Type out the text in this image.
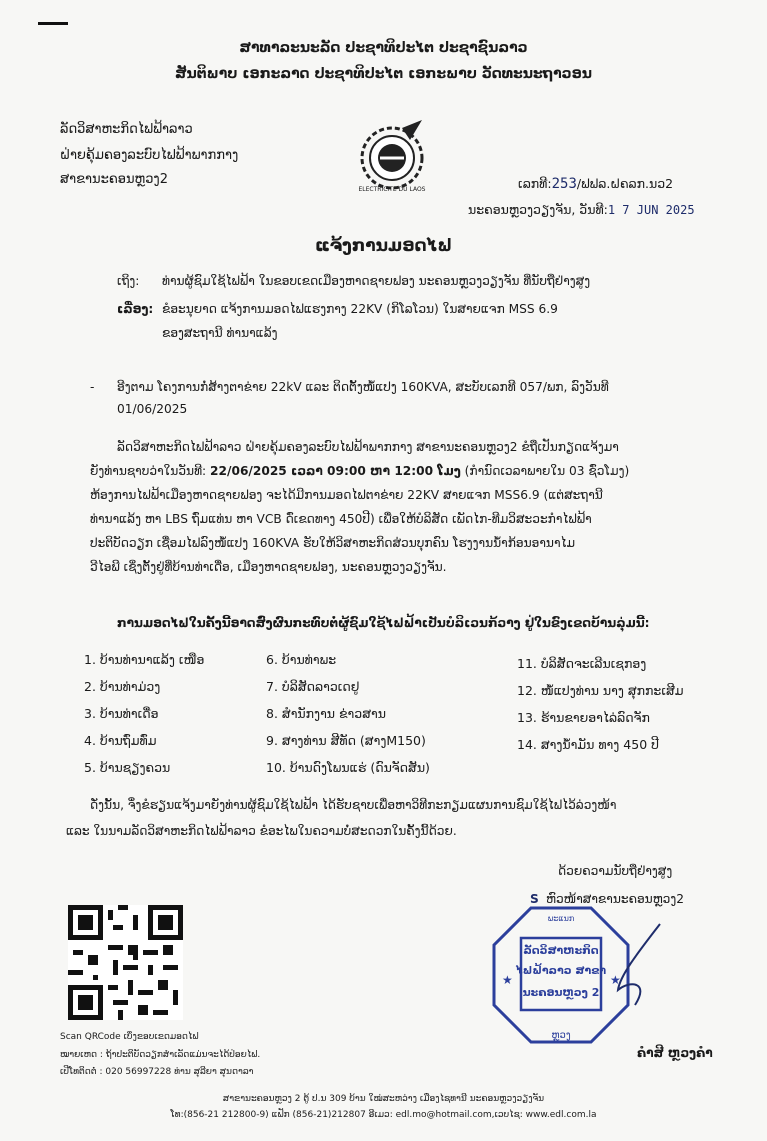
ສາທາລະນະລັດ ປະຊາທິປະໄຕ ປະຊາຊົນລາວ
ສັນຕິພາບ ເອກະລາດ ປະຊາທິປະໄຕ ເອກະພາບ ວັດທະນະຖາວອນ
ລັດວິສາຫະກິດໄຟຟ້າລາວ
ຝ່າຍຄຸ້ມຄອງລະບົບໄຟຟ້າພາກກາງ
ສາຂານະຄອນຫຼວງ2
ELECTRICITE DU LAOS	ເລກທີ:253/ຟຟລ.ຝຄລກ.ນວ2
ນະຄອນຫຼວງວຽງຈັນ, ວັນທີ:1 7 JUN 2025
ແຈ້ງການມອດໄຟ
ເຖິງ: ທ່ານຜູ້ຊົມໃຊ້ໄຟຟ້າ ໃນຂອບເຂດເມືອງຫາດຊາຍຟອງ ນະຄອນຫຼວງວຽງຈັນ ທີ່ນັບຖືຢ່າງສູງ
ເລື່ອງ: ຂໍອະນຸຍາດ ແຈ້ງການມອດໄຟແຮງກາງ 22KV (ກິໂລໂວນ) ໃນສາຍແຈກ MSS 6.9
ຂອງສະຖານີ ທ່ານາແລ້ງ
- ອີງຕາມ ໂຄງການກໍ່ສ້າງຕາຂ່າຍ 22kV ແລະ ຕິດຕັ້ງໜໍ້ແປງ 160KVA, ສະບັບເລກທີ 057/ພກ, ລົງວັນທີ
01/06/2025
ລັດວິສາຫະກິດໄຟຟ້າລາວ ຝ່າຍຄຸ້ມຄອງລະບົບໄຟຟ້າພາກກາງ ສາຂານະຄອນຫຼວງ2 ຂໍຖືເປັນກຽດແຈ້ງມາ
ຍັງທ່ານຊາບວ່າໃນວັນທີ: 22/06/2025 ເວລາ 09:00 ຫາ 12:00 ໂມງ (ກໍານົດເວລາພາຍໃນ 03 ຊົ່ວໂມງ)
ຫ້ອງການໄຟຟ້າເມືອງຫາດຊາຍຟອງ ຈະໄດ້ມີການມອດໄຟຕາຂ່າຍ 22KV ສາຍແຈກ MSS6.9 (ແຕ່ສະຖານີ
ທ່ານາແລ້ງ ຫາ LBS ຖົ່ມແທ່ນ ຫາ VCB ດົ່ເຂດທາງ 450ປີ) ເພື່ອໃຫ້ບໍລິສັດ ເພັດໄກ-ທີມວິສະວະກໍາໄຟຟ້າ
ປະຕິບັດວຽກ ເຊື່ອມໄຟລົງໜໍ້ແປງ 160KVA ຮັບໃຫ້ວິສາຫະກິດສ່ວນບຸກຄົນ ໂຮງງານນໍ້າກ້ອນອານາໄມ
ວີໄອພີ ເຊິ່ງຕັ້ງຢູ່ທີ່ບ້ານທ່າເດື່ອ, ເມືອງຫາດຊາຍຟອງ, ນະຄອນຫຼວງວຽງຈັນ.
ການມອດໄຟໃນຄັ້ງນີ້ອາດສົ່ງຜົນກະທົບຕໍ່ຜູ້ຊົມໃຊ້ໄຟຟ້າເປັນບໍລິເວນກ້ວາງ ຢູ່ໃນຂົງເຂດບ້ານລຸ່ມນີ້:
1. ບ້ານທ່ານາແລ້ງ ເໜືອ
2. ບ້ານທ່າມ່ວງ
3. ບ້ານທ່າເດື່ອ
4. ບ້ານຖົ່ມທົ່ມ
5. ບ້ານຊຽງຄວນ
6. ບ້ານທ່າພະ
7. ບໍລິສັດລາວເດຢູ
8. ສໍານັກງານ ຂ່າວສານ
9. ສາງທ່ານ ສີທັດ (ສາງM150)
10. ບ້ານດົງໂພນແຮ່ (ດົນຈັດສັນ)
11. ບໍລິສັດຈະເລີນເຊກອງ
12. ໜໍ້ແປງທ່ານ ນາງ ສຸກກະເສີມ
13. ຮ້ານຂາຍອາໄລ່ລົດຈັກ
14. ສາງນໍ້າມັນ ທາງ 450 ປີ
ດັ່ງນັ້ນ, ຈຶ່ງຂໍຮຽນແຈ້ງມາຍັງທ່ານຜູ້ຊົມໃຊ້ໄຟຟ້າ ໄດ້ຮັບຊາບເພື່ອຫາວິທີກະກຽມແຜນການຊົມໃຊ້ໄຟໄວ້ລ່ວງໜ້າ
ແລະ ໃນນາມລັດວິສາຫະກິດໄຟຟ້າລາວ ຂໍອະໄພໃນຄວາມບໍ່ສະດວກໃນຄັ້ງນີ້ດ້ວຍ.
ດ້ວຍຄວາມນັບຖືຢ່າງສູງ
S ຫົວໜ້າສາຂານະຄອນຫຼວງ2
Scan QRCode ເບິ່ງຂອບເຂດມອດໄຟ
ໝາຍເຫດ : ຖ້າປະຕິບັດວຽກສໍາເລັດແມ່ນຈະໄດ້ປ່ອຍໄຟ.
ເປີໂທຕິດຕໍ່ : 020 56997228 ທ່ານ ສຸລີຍາ ສຸນດາລາ
★	★
ລັດວິສາຫະກິດ
ໄຟຟ້າລາວ ສາຂາ
ນະຄອນຫຼວງ 2
ພະແນກ
ຫຼວງ
ຄໍາສີ ຫຼວງຄໍາ
ສາຂານະຄອນຫຼວງ 2 ຕູ້ ປ.ນ 309 ບ້ານ ໃໝ່ສະຫວ່າງ ເມືອງໄຊທານີ ນະຄອນຫຼວງວຽງຈັນ
ໂທ:(856-21 212800-9) ແຟັກ (856-21)212807 ອີເມວ: edl.mo@hotmail.com,ເວບໄຊ: www.edl.com.la
